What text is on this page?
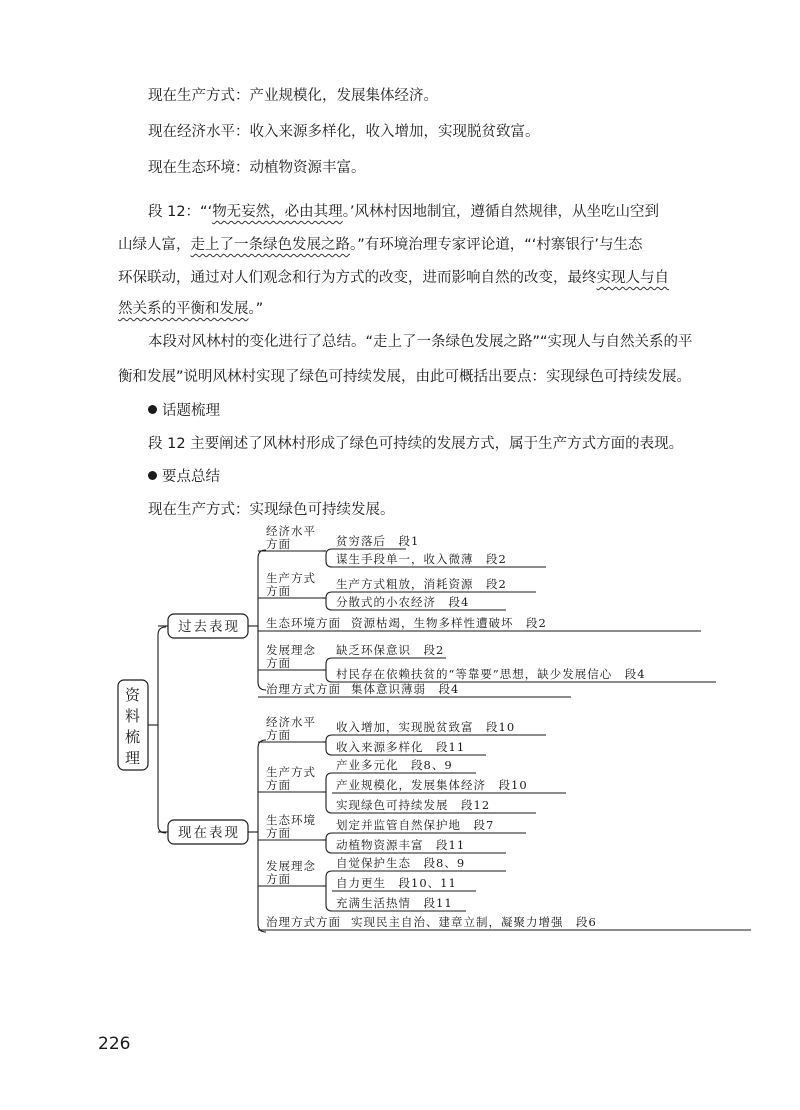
现在生产方式：产业规模化，发展集体经济。
现在经济水平：收入来源多样化，收入增加，实现脱贫致富。
现在生态环境：动植物资源丰富。
段 12：“‘物无妄然，必由其理。’风林村因地制宜，遵循自然规律，从坐吃山空到
山绿人富，走上了一条绿色发展之路。”有环境治理专家评论道，“‘村寨银行’与生态
环保联动，通过对人们观念和行为方式的改变，进而影响自然的改变，最终实现人与自
然关系的平衡和发展。”
本段对风林村的变化进行了总结。“走上了一条绿色发展之路”“实现人与自然关系的平
衡和发展”说明风林村实现了绿色可持续发展，由此可概括出要点：实现绿色可持续发展。
话题梳理
段 12 主要阐述了风林村形成了绿色可持续的发展方式，属于生产方式方面的表现。
要点总结
现在生产方式：实现绿色可持续发展。
资
料
梳
理
过去表现
经济水平
方面	贫穷落后　段1
谋生手段单一，收入微薄　段2
生产方式
方面	生产方式粗放，消耗资源　段2
分散式的小农经济　段4
生态环境方面 资源枯竭，生物多样性遭破坏　段2
发展理念
方面
缺乏环保意识　段2
村民存在依赖扶贫的“等靠要”思想，缺少发展信心　段4
治理方式方面 集体意识薄弱　段4
现在表现
经济水平
方面
收入增加，实现脱贫致富　段10
收入来源多样化　段11
生产方式
方面
产业多元化　段8、9
产业规模化，发展集体经济　段10
实现绿色可持续发展　段12
生态环境
方面
划定并监管自然保护地　段7
动植物资源丰富　段11
发展理念
方面
自觉保护生态　段8、9
自力更生　段10、11
充满生活热情　段11
治理方式方面 实现民主自治、建章立制，凝聚力增强　段6
226
